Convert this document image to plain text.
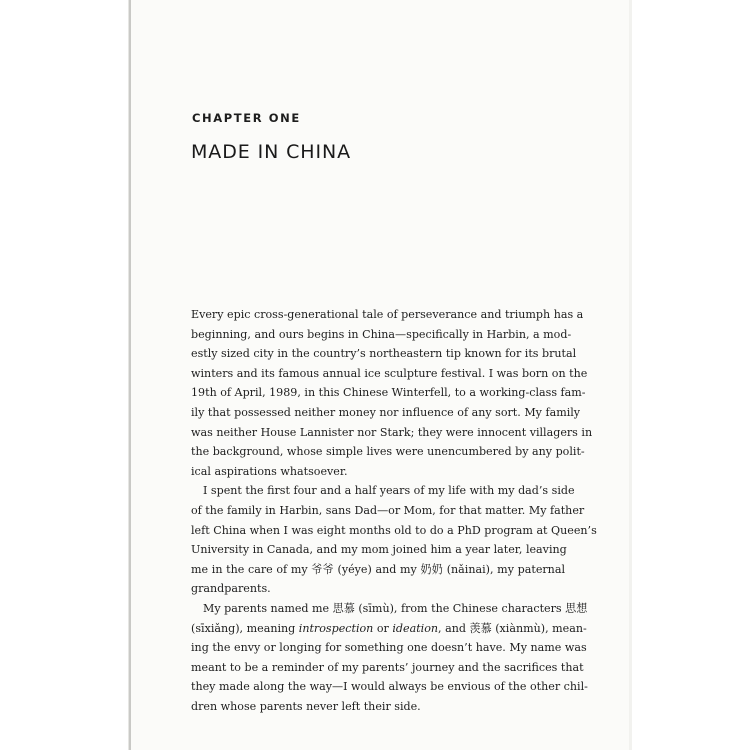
CHAPTER ONE
MADE IN CHINA

Every epic cross-generational tale of perseverance and triumph has a
beginning, and ours begins in China—specifically in Harbin, a mod-
estly sized city in the country’s northeastern tip known for its brutal
winters and its famous annual ice sculpture festival. I was born on the
19th of April, 1989, in this Chinese Winterfell, to a working-class fam-
ily that possessed neither money nor influence of any sort. My family
was neither House Lannister nor Stark; they were innocent villagers in
the background, whose simple lives were unencumbered by any polit-
ical aspirations whatsoever.

I spent the first four and a half years of my life with my dad’s side
of the family in Harbin, sans Dad—or Mom, for that matter. My father
left China when I was eight months old to do a PhD program at Queen’s
University in Canada, and my mom joined him a year later, leaving
me in the care of my 爷爷 (yéye) and my 奶奶 (nǎinai), my paternal
grandparents.

My parents named me 思慕 (sīmù), from the Chinese characters 思想
(sīxiǎng), meaning introspection or ideation, and 羡慕 (xiànmù), mean-
ing the envy or longing for something one doesn’t have. My name was
meant to be a reminder of my parents’ journey and the sacrifices that
they made along the way—I would always be envious of the other chil-
dren whose parents never left their side.
